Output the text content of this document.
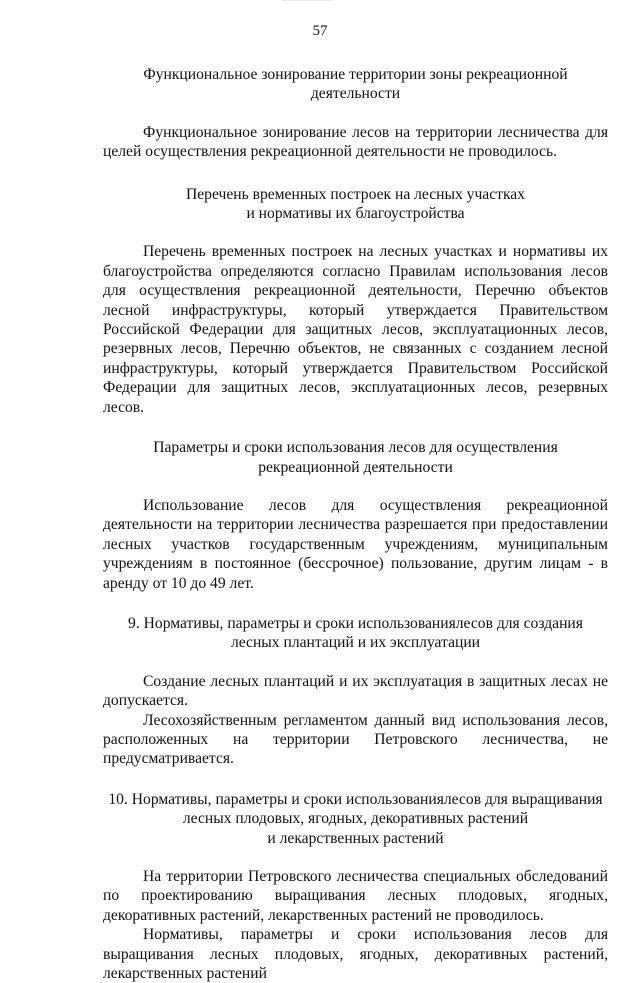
57
Функциональное зонирование территории зоны рекреационной
деятельности

Функциональное зонирование лесов на территории лесничества для целей осуществления рекреационной деятельности не проводилось.

Перечень временных построек на лесных участках
и нормативы их благоустройства

Перечень временных построек на лесных участках и нормативы их благоустройства определяются согласно Правилам использования лесов для осуществления рекреационной деятельности, Перечню объектов лесной инфраструктуры, который утверждается Правительством Российской Федерации для защитных лесов, эксплуатационных лесов, резервных лесов, Перечню объектов, не связанных с созданием лесной инфраструктуры, который утверждается Правительством Российской Федерации для защитных лесов, эксплуатационных лесов, резервных лесов.

Параметры и сроки использования лесов для осуществления
рекреационной деятельности

Использование лесов для осуществления рекреационной деятельности на территории лесничества разрешается при предоставлении лесных участков государственным учреждениям, муниципальным учреждениям в постоянное (бессрочное) пользование, другим лицам - в аренду от 10 до 49 лет.

9. Нормативы, параметры и сроки использованиялесов для создания
лесных плантаций и их эксплуатации

Создание лесных плантаций и их эксплуатация в защитных лесах не допускается.

Лесохозяйственным регламентом данный вид использования лесов, расположенных на территории Петровского лесничества, не предусматривается.

10. Нормативы, параметры и сроки использованиялесов для выращивания
лесных плодовых, ягодных, декоративных растений
и лекарственных растений

На территории Петровского лесничества специальных обследований по проектированию выращивания лесных плодовых, ягодных, декоративных растений, лекарственных растений не проводилось.

Нормативы, параметры и сроки использования лесов для выращивания лесных плодовых, ягодных, декоративных растений, лекарственных растений
